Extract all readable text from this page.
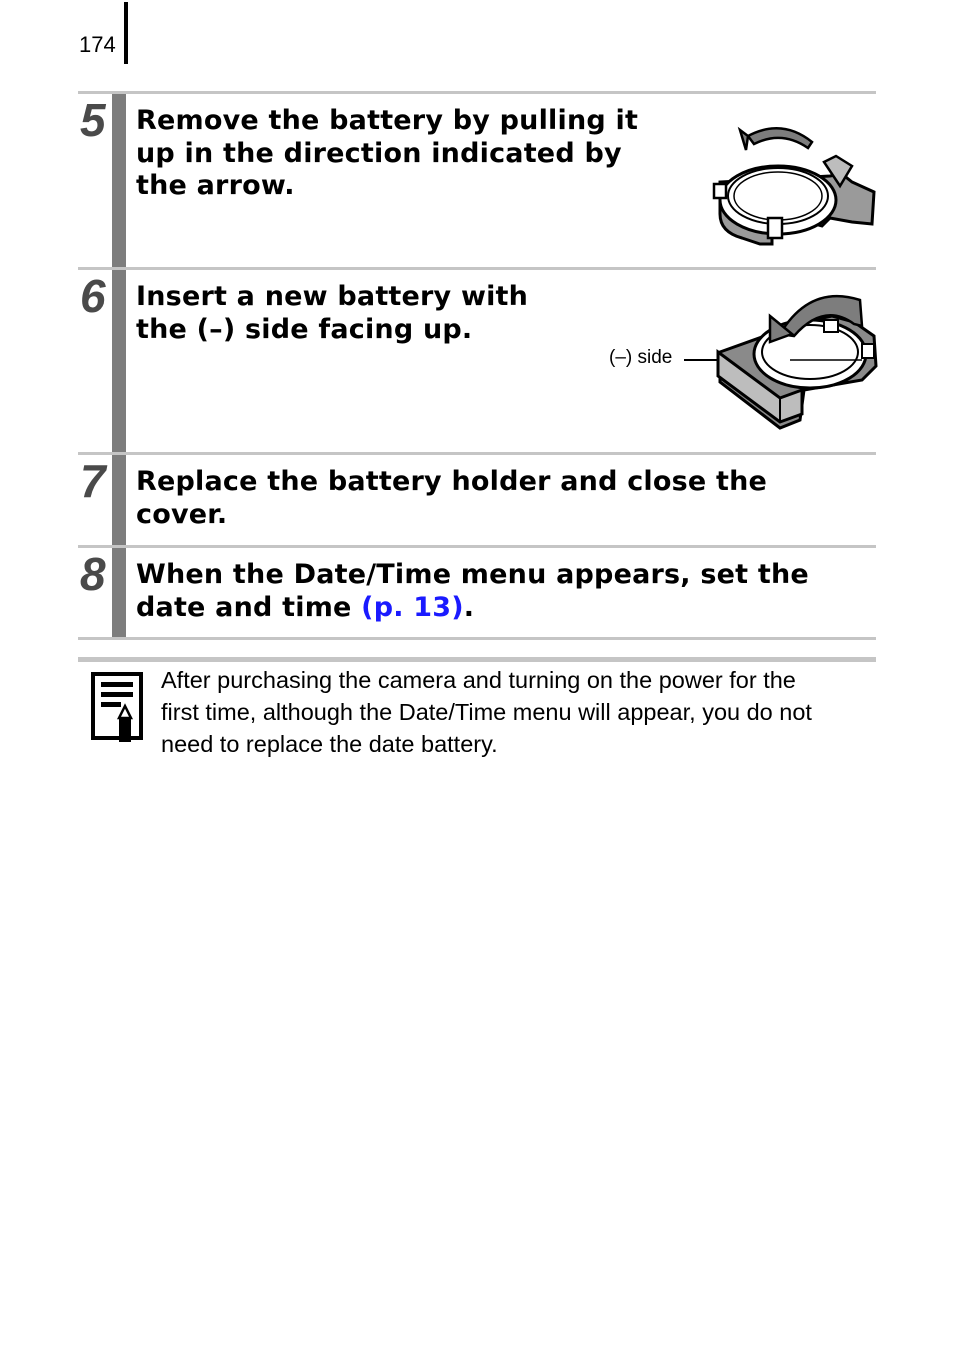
174
5 Remove the battery by pulling it
up in the direction indicated by
the arrow.
6 Insert a new battery with
the (–) side facing up.
(–) side
7 Replace the battery holder and close the
cover.
8 When the Date/Time menu appears, set the
date and time (p. 13).
After purchasing the camera and turning on the power for the
first time, although the Date/Time menu will appear, you do not
need to replace the date battery.
